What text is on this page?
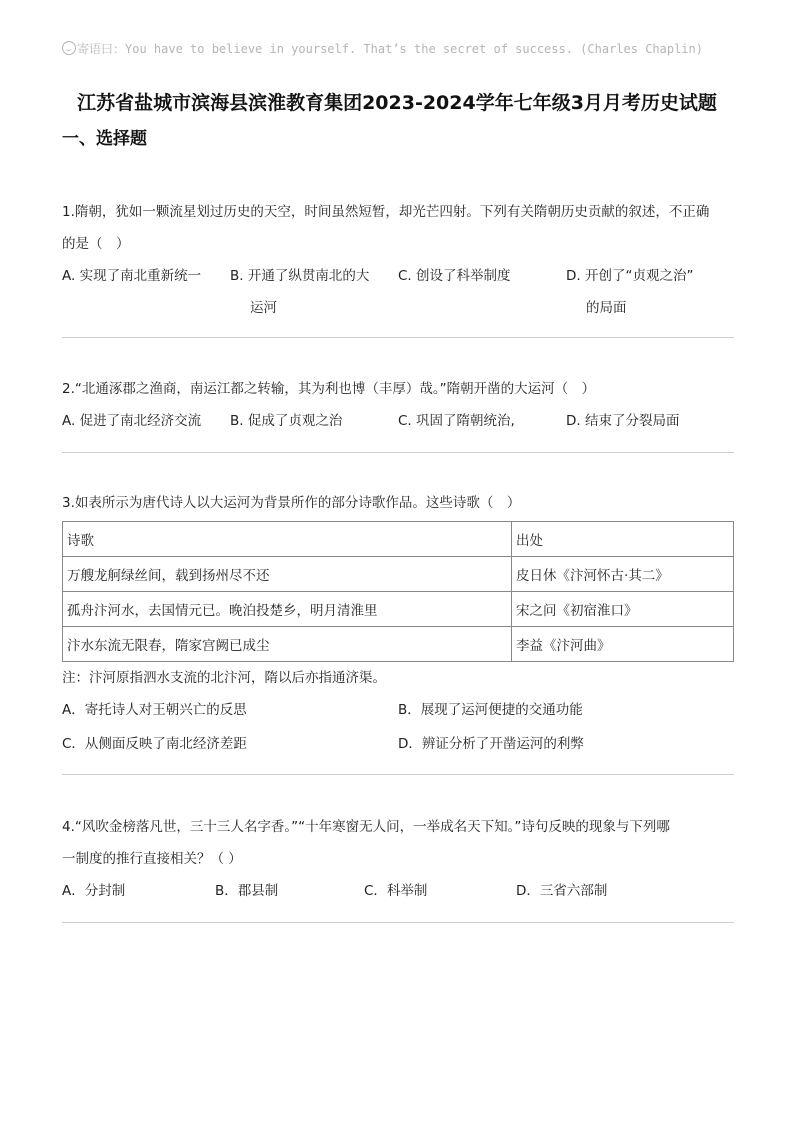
寄语曰：You have to believe in yourself. That’s the secret of success. (Charles Chaplin)
江苏省盐城市滨海县滨淮教育集团2023-2024学年七年级3月月考历史试题
一、选择题
1.隋朝，犹如一颗流星划过历史的天空，时间虽然短暂，却光芒四射。下列有关隋朝历史贡献的叙述，不正确
的是（　）
A. 实现了南北重新统一 B. 开通了纵贯南北的大
运河
C. 创设了科举制度	D. 开创了“贞观之治”
的局面
2.“北通涿郡之渔商，南运江都之转输，其为利也博（丰厚）哉。”隋朝开凿的大运河（　）
A. 促进了南北经济交流 B. 促成了贞观之治	C. 巩固了隋朝统治,	D. 结束了分裂局面
3.如表所示为唐代诗人以大运河为背景所作的部分诗歌作品。这些诗歌（　）
诗歌	出处
万艘龙舸绿丝间，载到扬州尽不还	皮日休《汴河怀古·其二》
孤舟汴河水，去国情元已。晚泊投楚乡，明月清淮里	宋之问《初宿淮口》
汴水东流无限春，隋家宫阙已成尘	李益《汴河曲》
注：汴河原指泗水支流的北汴河，隋以后亦指通济渠。
A．寄托诗人对王朝兴亡的反思	B．展现了运河便捷的交通功能
C．从侧面反映了南北经济差距	D．辨证分析了开凿运河的利弊
4.“风吹金榜落凡世，三十三人名字香。”“十年寒窗无人问，一举成名天下知。”诗句反映的现象与下列哪
一制度的推行直接相关？（ ）
A．分封制	B．郡县制	C．科举制	D．三省六部制
